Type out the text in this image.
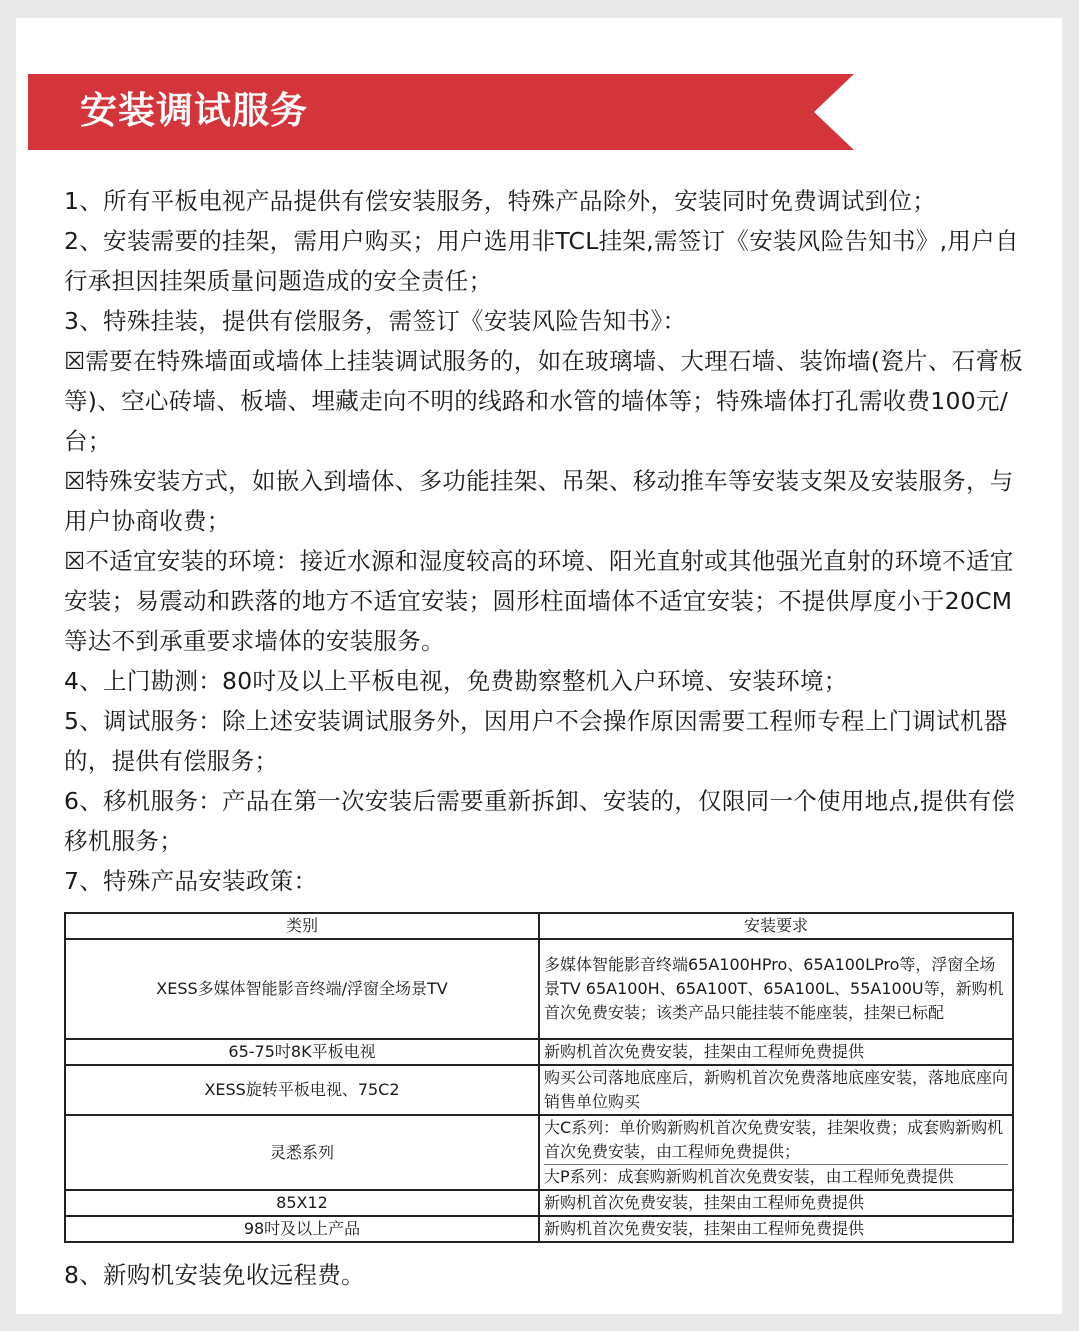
安装调试服务

1、所有平板电视产品提供有偿安装服务，特殊产品除外，安装同时免费调试到位；

2、安装需要的挂架，需用户购买；用户选用非TCL挂架,需签订《安装风险告知书》,用户自行承担因挂架质量问题造成的安全责任；

3、特殊挂装，提供有偿服务，需签订《安装风险告知书》：

☒需要在特殊墙面或墙体上挂装调试服务的，如在玻璃墙、大理石墙、装饰墙(瓷片、石膏板等)、空心砖墙、板墙、埋藏走向不明的线路和水管的墙体等；特殊墙体打孔需收费100元/台；

☒特殊安装方式，如嵌入到墙体、多功能挂架、吊架、移动推车等安装支架及安装服务，与用户协商收费；

☒不适宜安装的环境：接近水源和湿度较高的环境、阳光直射或其他强光直射的环境不适宜安装；易震动和跌落的地方不适宜安装；圆形柱面墙体不适宜安装；不提供厚度小于20CM等达不到承重要求墙体的安装服务。

4、上门勘测：80吋及以上平板电视，免费勘察整机入户环境、安装环境；

5、调试服务：除上述安装调试服务外，因用户不会操作原因需要工程师专程上门调试机器的，提供有偿服务；

6、移机服务：产品在第一次安装后需要重新拆卸、安装的，仅限同一个使用地点,提供有偿移机服务；

7、特殊产品安装政策：

类别	安装要求
XESS多媒体智能影音终端/浮窗全场景TV	多媒体智能影音终端65A100HPro、65A100LPro等，浮窗全场景TV 65A100H、65A100T、65A100L、55A100U等，新购机首次免费安装；该类产品只能挂装不能座装，挂架已标配
65-75吋8K平板电视	新购机首次免费安装，挂架由工程师免费提供
XESS旋转平板电视、75C2	购买公司落地底座后，新购机首次免费落地底座安装，落地底座向销售单位购买
灵悉系列	大C系列：单价购新购机首次免费安装，挂架收费；成套购新购机首次免费安装，由工程师免费提供；
大P系列：成套购新购机首次免费安装，由工程师免费提供

85X12	新购机首次免费安装，挂架由工程师免费提供
98吋及以上产品	新购机首次免费安装，挂架由工程师免费提供
8、新购机安装免收远程费。
